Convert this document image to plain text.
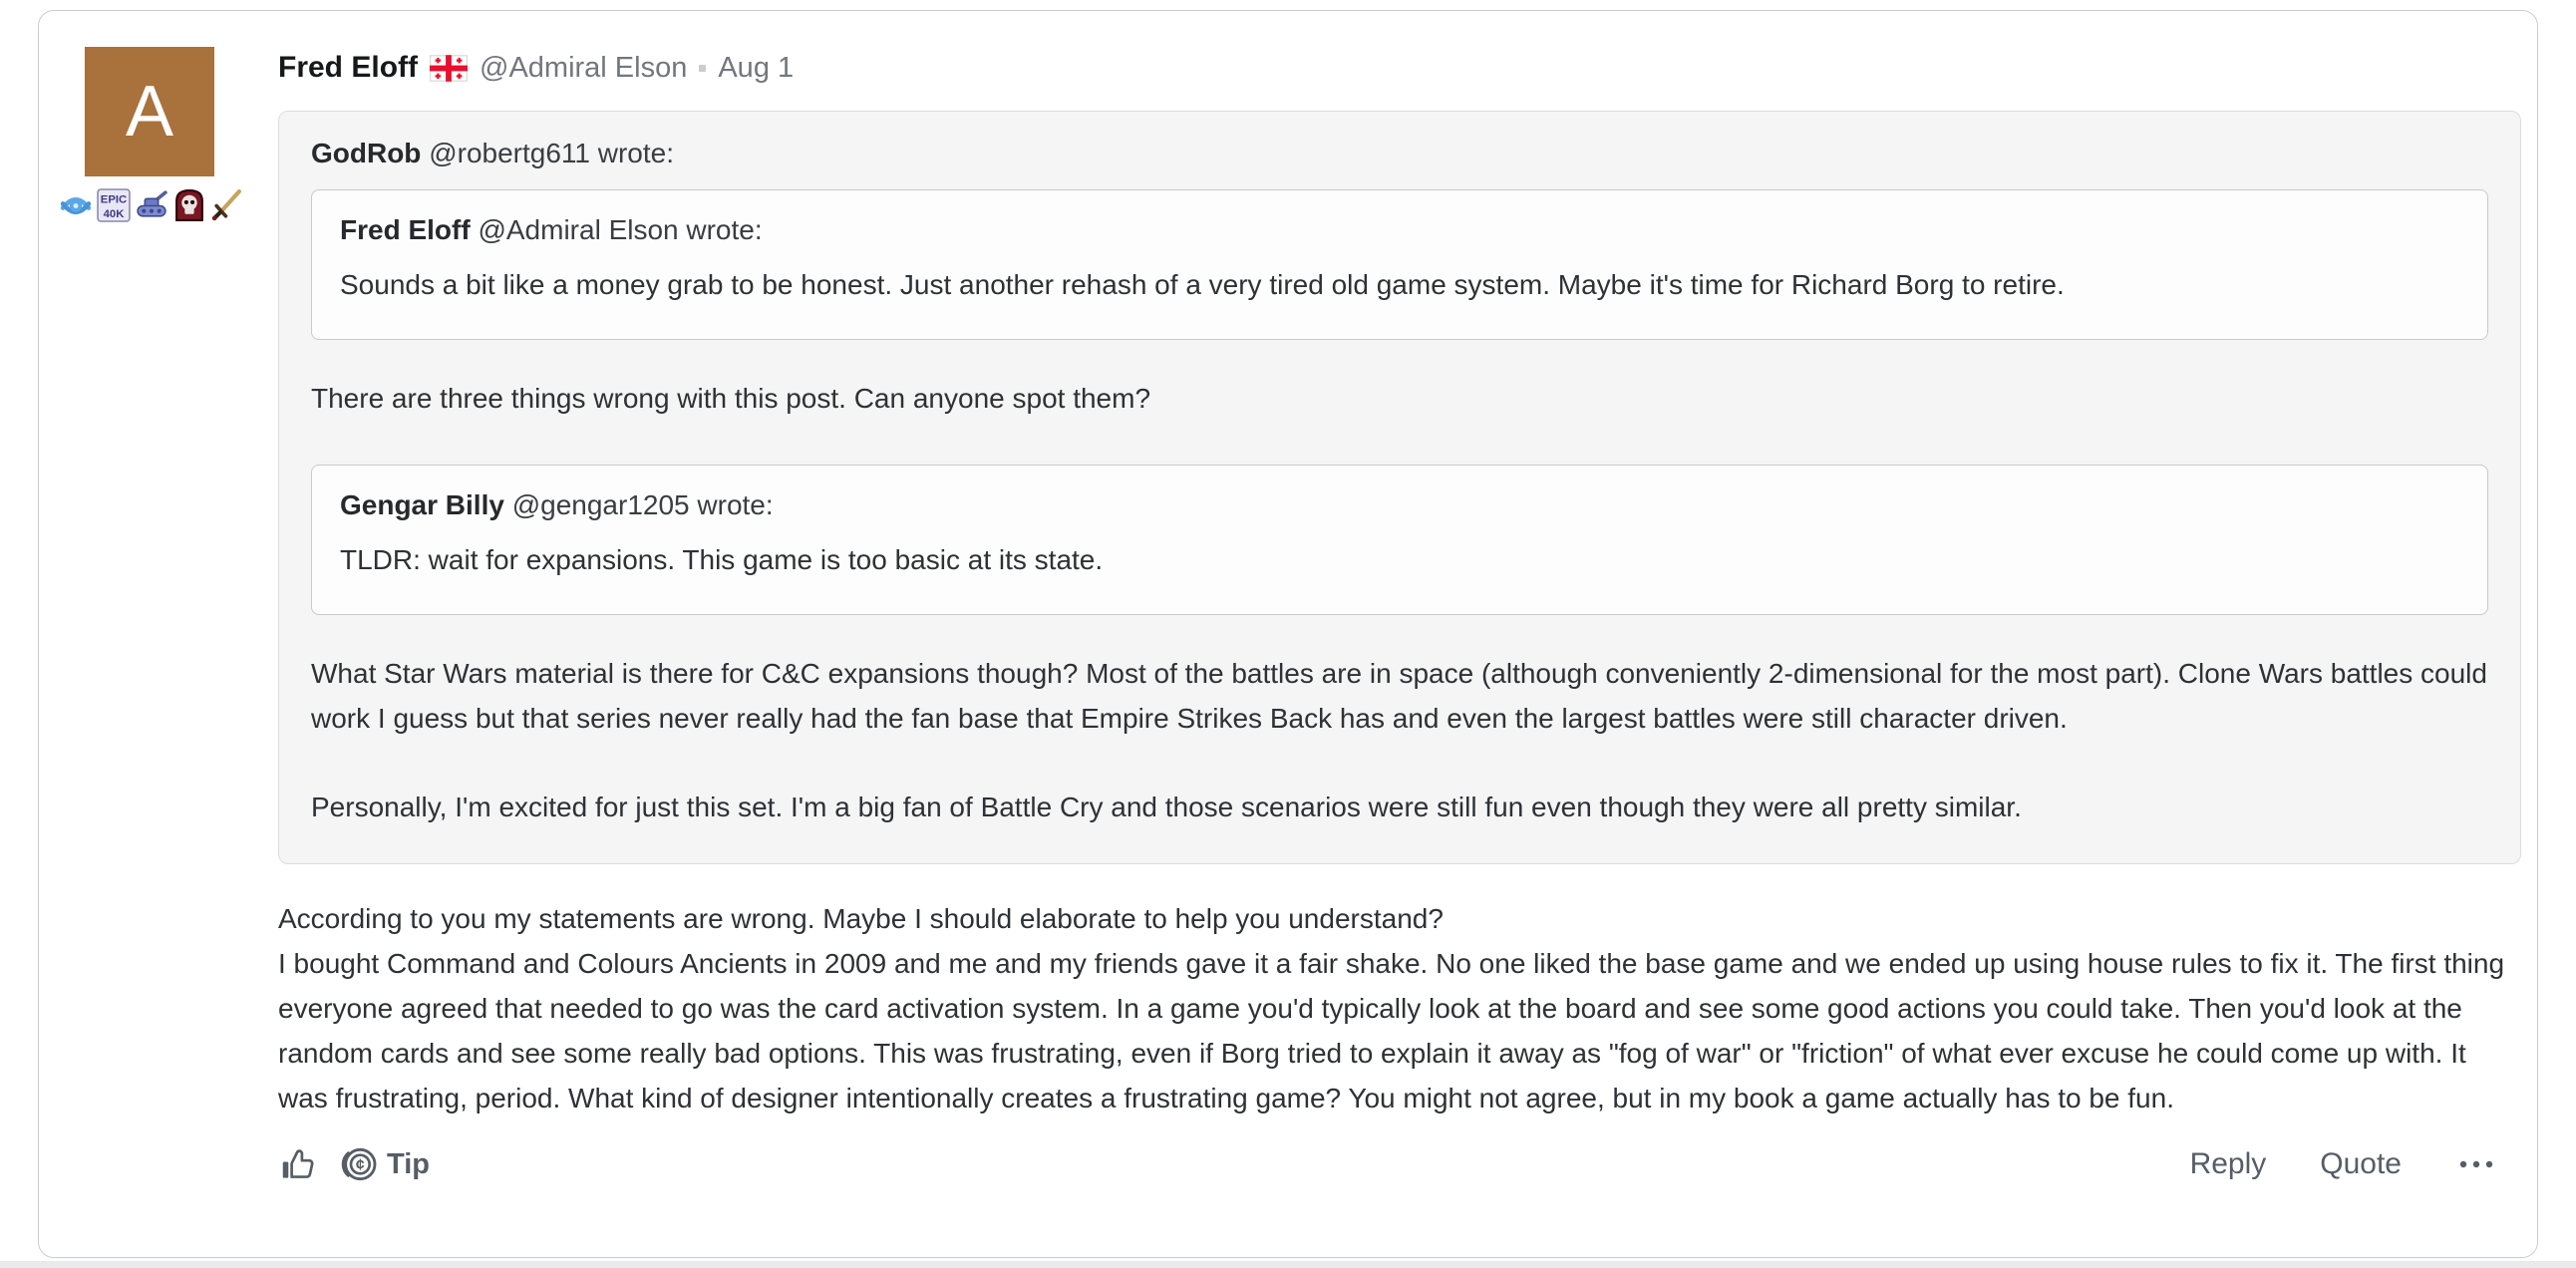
A
EPIC
40K
Fred Eloff @Admiral Elson Aug 1
GodRob @robertg611 wrote:
Fred Eloff @Admiral Elson wrote:

Sounds a bit like a money grab to be honest. Just another rehash of a very tired old game system. Maybe it's time for Richard Borg to retire.

There are three things wrong with this post. Can anyone spot them?

Gengar Billy @gengar1205 wrote:

TLDR: wait for expansions. This game is too basic at its state.

What Star Wars material is there for C&C expansions though? Most of the battles are in space (although conveniently 2-dimensional for the most part). Clone Wars battles could work I guess but that series never really had the fan base that Empire Strikes Back has and even the largest battles were still character driven.

Personally, I'm excited for just this set. I'm a big fan of Battle Cry and those scenarios were still fun even though they were all pretty similar.

According to you my statements are wrong. Maybe I should elaborate to help you understand?

I bought Command and Colours Ancients in 2009 and me and my friends gave it a fair shake. No one liked the base game and we ended up using house rules to fix it. The first thing everyone agreed that needed to go was the card activation system. In a game you'd typically look at the board and see some good actions you could take. Then you'd look at the random cards and see some really bad options. This was frustrating, even if Borg tried to explain it away as "fog of war" or "friction" of what ever excuse he could come up with. It was frustrating, period. What kind of designer intentionally creates a frustrating game? You might not agree, but in my book a game actually has to be fun.

¢ Tip	Reply Quote
